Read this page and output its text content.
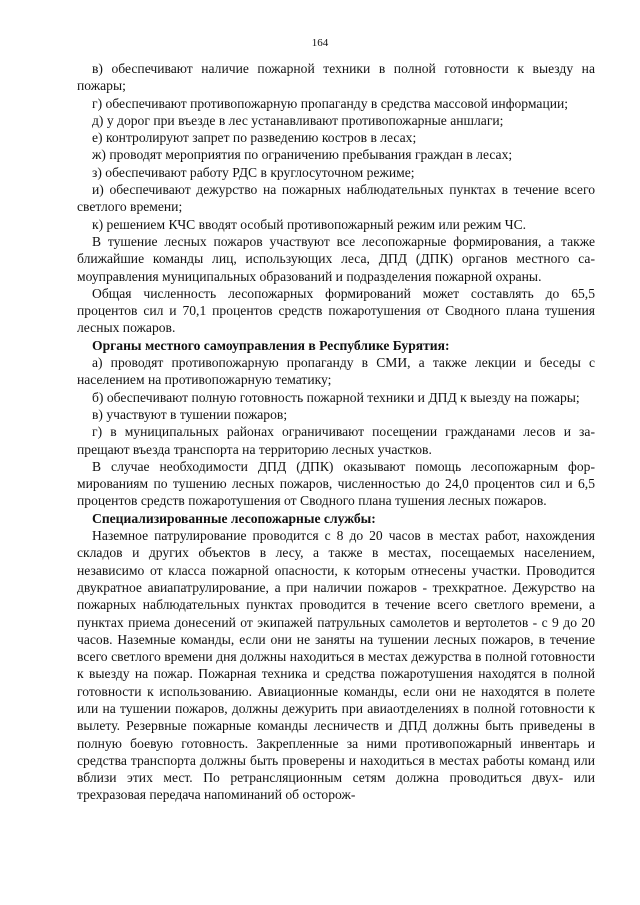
164

в) обеспечивают наличие пожарной техники в полной готовности к выезду на пожары;

г) обеспечивают противопожарную пропаганду в средства массовой информации;

д) у дорог при въезде в лес устанавливают противопожарные аншлаги;

е) контролируют запрет по разведению костров в лесах;

ж) проводят мероприятия по ограничению пребывания граждан в лесах;

з) обеспечивают работу РДС в круглосуточном режиме;

и) обеспечивают дежурство на пожарных наблюдательных пунктах в течение всего светлого времени;

к) решением КЧС вводят особый противопожарный режим или режим ЧС.

В тушение лесных пожаров участвуют все лесопожарные формирования, а также ближайшие команды лиц, использующих леса, ДПД (ДПК) органов местного самоуправления муниципальных образований и подразделения пожарной охраны.

Общая численность лесопожарных формирований может составлять до 65,5 процентов сил и 70,1 процентов средств пожаротушения от Сводного плана тушения лесных пожаров.

Органы местного самоуправления в Республике Бурятия:

а) проводят противопожарную пропаганду в СМИ, а также лекции и беседы с населением на противопожарную тематику;

б) обеспечивают полную готовность пожарной техники и ДПД к выезду на пожары;

в) участвуют в тушении пожаров;

г) в муниципальных районах ограничивают посещении гражданами лесов и запрещают въезда транспорта на территорию лесных участков.

В случае необходимости ДПД (ДПК) оказывают помощь лесопожарным формированиям по тушению лесных пожаров, численностью до 24,0 процентов сил и 6,5 процентов средств пожаротушения от Сводного плана тушения лесных пожаров.

Специализированные лесопожарные службы:

Наземное патрулирование проводится с 8 до 20 часов в местах работ, нахождения складов и других объектов в лесу, а также в местах, посещаемых населением, независимо от класса пожарной опасности, к которым отнесены участки. Проводится двукратное авиапатрулирование, а при наличии пожаров - трехкратное. Дежурство на пожарных наблюдательных пунктах проводится в течение всего светлого времени, а пунктах приема донесений от экипажей патрульных самолетов и вертолетов - с 9 до 20 часов. Наземные команды, если они не заняты на тушении лесных пожаров, в течение всего светлого времени дня должны находиться в местах дежурства в полной готовности к выезду на пожар. Пожарная техника и средства пожаротушения находятся в полной готовности к использованию. Авиационные команды, если они не находятся в полете или на тушении пожаров, должны дежурить при авиаотделениях в полной готовности к вылету. Резервные пожарные команды лесничеств и ДПД должны быть приведены в полную боевую готовность. Закрепленные за ними противопожарный инвентарь и средства транспорта должны быть проверены и находиться в местах работы команд или вблизи этих мест. По ретрансляционным сетям должна проводиться двух- или трехразовая передача напоминаний об осторож-
